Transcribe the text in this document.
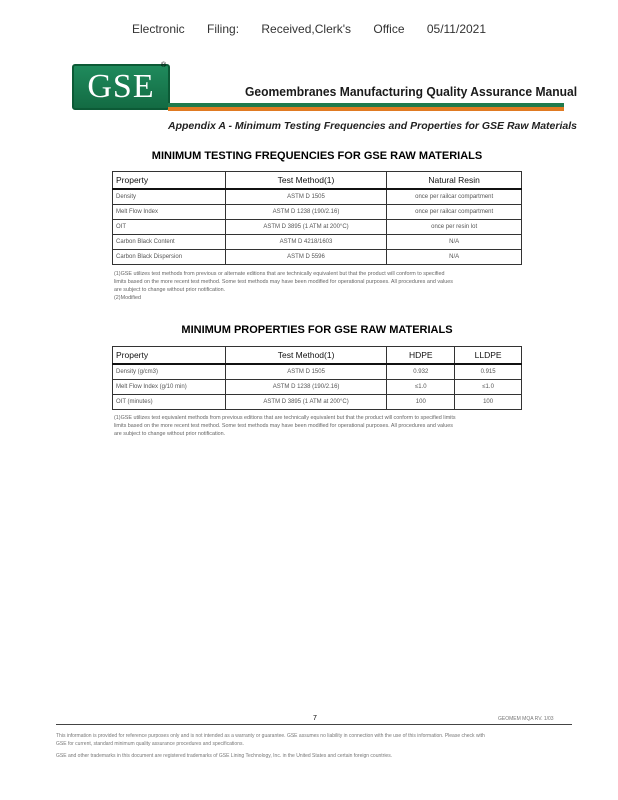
Electronic Filing: Received,Clerk's Office 05/11/2021
GSE
®
Geomembranes Manufacturing Quality Assurance Manual
Appendix A - Minimum Testing Frequencies and Properties for GSE Raw Materials
MINIMUM TESTING FREQUENCIES FOR GSE RAW MATERIALS
Property	Test Method(1)	Natural Resin
Density	ASTM D 1505	once per railcar compartment
Melt Flow Index	ASTM D 1238 (190/2.16)	once per railcar compartment
OIT	ASTM D 3895 (1 ATM at 200°C)	once per resin lot
Carbon Black Content	ASTM D 4218/1603	N/A
Carbon Black Dispersion	ASTM D 5596	N/A
(1)GSE utilizes test methods from previous or alternate editions that are technically equivalent but that the product will conform to specified
limits based on the more recent test method. Some test methods may have been modified for operational purposes. All procedures and values
are subject to change without prior notification.
(2)Modified
MINIMUM PROPERTIES FOR GSE RAW MATERIALS
Property	Test Method(1)	HDPE	LLDPE
Density (g/cm3)	ASTM D 1505	0.932	0.915
Melt Flow Index (g/10 min)	ASTM D 1238 (190/2.16)	≤1.0	≤1.0
OIT (minutes)	ASTM D 3895 (1 ATM at 200°C)	100	100
(1)GSE utilizes test equivalent methods from previous editions that are technically equivalent but that the product will conform to specified limits
limits based on the more recent test method. Some test methods may have been modified for operational purposes. All procedures and values
are subject to change without prior notification.
7	GEOMEM MQA RV. 1/03
This information is provided for reference purposes only and is not intended as a warranty or guarantee. GSE assumes no liability in connection with the use of this information. Please check with
GSE for current, standard minimum quality assurance procedures and specifications.
GSE and other trademarks in this document are registered trademarks of GSE Lining Technology, Inc. in the United States and certain foreign countries.
